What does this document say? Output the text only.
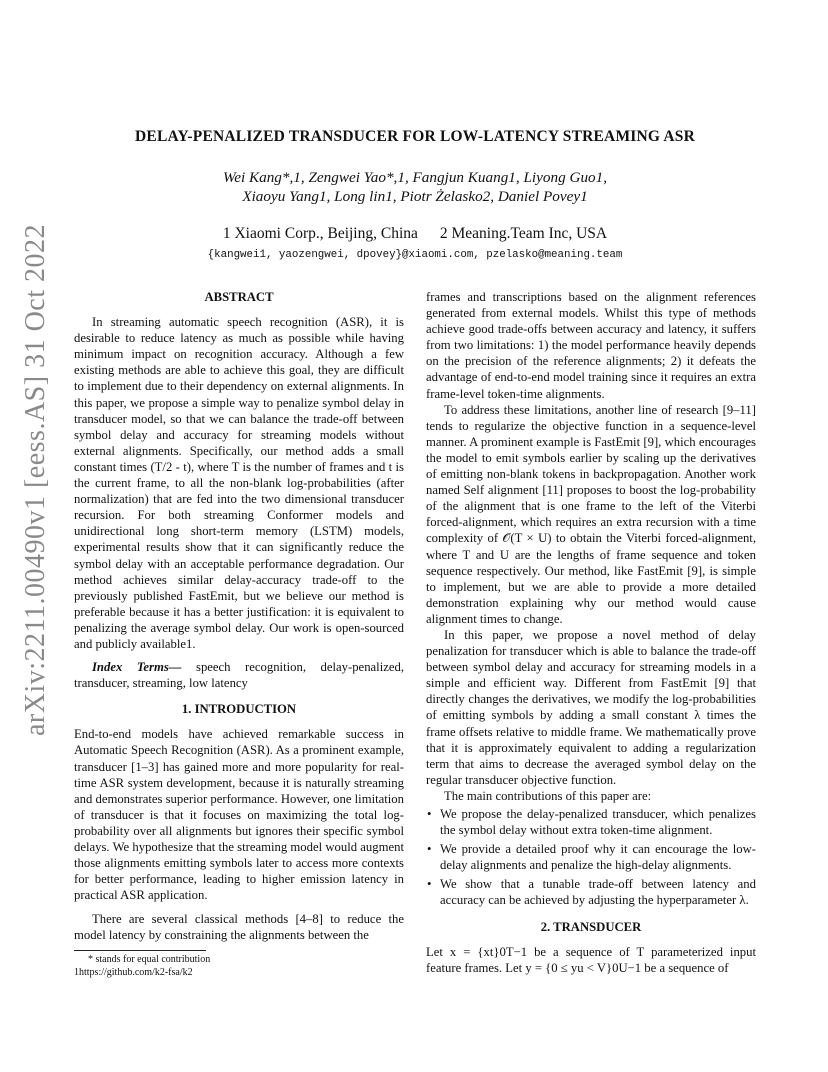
arXiv:2211.00490v1 [eess.AS] 31 Oct 2022
DELAY-PENALIZED TRANSDUCER FOR LOW-LATENCY STREAMING ASR
Wei Kang*,1, Zengwei Yao*,1, Fangjun Kuang1, Liyong Guo1,
Xiaoyu Yang1, Long lin1, Piotr Żelasko2, Daniel Povey1
1 Xiaomi Corp., Beijing, China 2 Meaning.Team Inc, USA
{kangwei1, yaozengwei, dpovey}@xiaomi.com, pzelasko@meaning.team
ABSTRACT

In streaming automatic speech recognition (ASR), it is desirable to reduce latency as much as possible while having minimum impact on recognition accuracy. Although a few existing methods are able to achieve this goal, they are difficult to implement due to their dependency on external alignments. In this paper, we propose a simple way to penalize symbol delay in transducer model, so that we can balance the trade-off between symbol delay and accuracy for streaming models without external alignments. Specifically, our method adds a small constant times (T/2 - t), where T is the number of frames and t is the current frame, to all the non-blank log-probabilities (after normalization) that are fed into the two dimensional transducer recursion. For both streaming Conformer models and unidirectional long short-term memory (LSTM) models, experimental results show that it can significantly reduce the symbol delay with an acceptable performance degradation. Our method achieves similar delay-accuracy trade-off to the previously published FastEmit, but we believe our method is preferable because it has a better justification: it is equivalent to penalizing the average symbol delay. Our work is open-sourced and publicly available1.

Index Terms— speech recognition, delay-penalized, transducer, streaming, low latency

1. INTRODUCTION

End-to-end models have achieved remarkable success in Automatic Speech Recognition (ASR). As a prominent example, transducer [1–3] has gained more and more popularity for real-time ASR system development, because it is naturally streaming and demonstrates superior performance. However, one limitation of transducer is that it focuses on maximizing the total log-probability over all alignments but ignores their specific symbol delays. We hypothesize that the streaming model would augment those alignments emitting symbols later to access more contexts for better performance, leading to higher emission latency in practical ASR application.

There are several classical methods [4–8] to reduce the model latency by constraining the alignments between the

frames and transcriptions based on the alignment references generated from external models. Whilst this type of methods achieve good trade-offs between accuracy and latency, it suffers from two limitations: 1) the model performance heavily depends on the precision of the reference alignments; 2) it defeats the advantage of end-to-end model training since it requires an extra frame-level token-time alignments.

To address these limitations, another line of research [9–11] tends to regularize the objective function in a sequence-level manner. A prominent example is FastEmit [9], which encourages the model to emit symbols earlier by scaling up the derivatives of emitting non-blank tokens in backpropagation. Another work named Self alignment [11] proposes to boost the log-probability of the alignment that is one frame to the left of the Viterbi forced-alignment, which requires an extra recursion with a time complexity of 𝒪(T × U) to obtain the Viterbi forced-alignment, where T and U are the lengths of frame sequence and token sequence respectively. Our method, like FastEmit [9], is simple to implement, but we are able to provide a more detailed demonstration explaining why our method would cause alignment times to change.

In this paper, we propose a novel method of delay penalization for transducer which is able to balance the trade-off between symbol delay and accuracy for streaming models in a simple and efficient way. Different from FastEmit [9] that directly changes the derivatives, we modify the log-probabilities of emitting symbols by adding a small constant λ times the frame offsets relative to middle frame. We mathematically prove that it is approximately equivalent to adding a regularization term that aims to decrease the averaged symbol delay on the regular transducer objective function.

The main contributions of this paper are:

• We propose the delay-penalized transducer, which penalizes the symbol delay without extra token-time alignment.
• We provide a detailed proof why it can encourage the low-delay alignments and penalize the high-delay alignments.
• We show that a tunable trade-off between latency and accuracy can be achieved by adjusting the hyperparameter λ.
2. TRANSDUCER

Let x = {xt}0T−1 be a sequence of T parameterized input feature frames. Let y = {0 ≤ yu < V}0U−1 be a sequence of

* stands for equal contribution
1https://github.com/k2-fsa/k2
